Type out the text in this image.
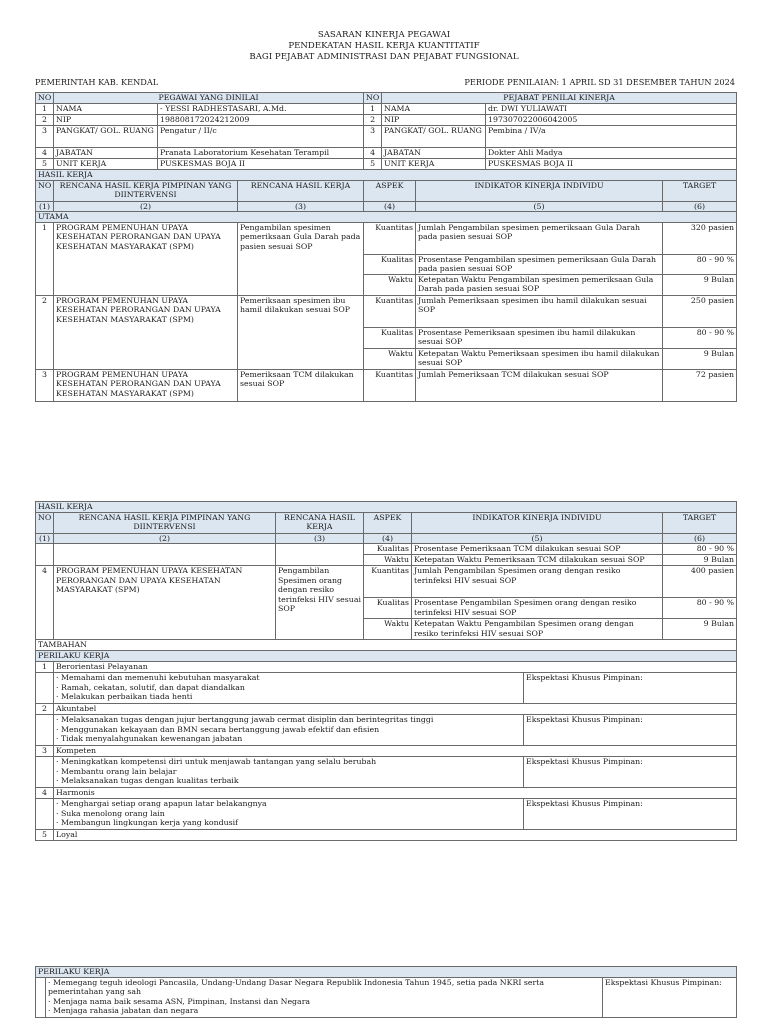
SASARAN KINERJA PEGAWAI
PENDEKATAN HASIL KERJA KUANTITATIF
BAGI PEJABAT ADMINISTRASI DAN PEJABAT FUNGSIONAL
PEMERINTAH KAB. KENDAL	PERIODE PENILAIAN: 1 APRIL SD 31 DESEMBER TAHUN 2024
NO	PEGAWAI YANG DINILAI			NO	PEJABAT PENILAI KINERJA			
1	NAMA	- YESSI RADHESTASARI, A.Md.		1	NAMA		dr. DWI YULIAWATI	
2	NIP	198808172024212009		2	NIP		197307022006042005	
3	PANGKAT/ GOL. RUANG	Pengatur / II/c		3	PANGKAT/ GOL. RUANG		Pembina / IV/a	
4	JABATAN	Pranata Laboratorium Kesehatan Terampil		4	JABATAN		Dokter Ahli Madya	
5	UNIT KERJA	PUSKESMAS BOJA II		5	UNIT KERJA		PUSKESMAS BOJA II	
HASIL KERJA								
NO	RENCANA HASIL KERJA PIMPINAN YANG DIINTERVENSI		RENCANA HASIL KERJA	ASPEK		INDIKATOR KINERJA INDIVIDU		TARGET
(1)	(2)		(3)	(4)		(5)		(6)
UTAMA								
1	PROGRAM PEMENUHAN UPAYA KESEHATAN PERORANGAN DAN UPAYA KESEHATAN MASYARAKAT (SPM)		Pengambilan spesimen pemeriksaan Gula Darah pada pasien sesuai SOP	Kuantitas		Jumlah Pengambilan spesimen pemeriksaan Gula Darah pada pasien sesuai SOP		320 pasien
				Kualitas		Prosentase Pengambilan spesimen pemeriksaan Gula Darah pada pasien sesuai SOP		80 - 90 %
				Waktu		Ketepatan Waktu Pengambilan spesimen pemeriksaan Gula Darah pada pasien sesuai SOP		9 Bulan
2	PROGRAM PEMENUHAN UPAYA KESEHATAN PERORANGAN DAN UPAYA KESEHATAN MASYARAKAT (SPM)		Pemeriksaan spesimen ibu hamil dilakukan sesuai SOP	Kuantitas		Jumlah Pemeriksaan spesimen ibu hamil dilakukan sesuai SOP		250 pasien
				Kualitas		Prosentase Pemeriksaan spesimen ibu hamil dilakukan sesuai SOP		80 - 90 %
				Waktu		Ketepatan Waktu Pemeriksaan spesimen ibu hamil dilakukan sesuai SOP		9 Bulan
3	PROGRAM PEMENUHAN UPAYA KESEHATAN PERORANGAN DAN UPAYA KESEHATAN MASYARAKAT (SPM)		Pemeriksaan TCM dilakukan sesuai SOP	Kuantitas		Jumlah Pemeriksaan TCM dilakukan sesuai SOP		72 pasien
HASIL KERJA						
NO	RENCANA HASIL KERJA PIMPINAN YANG DIINTERVENSI	RENCANA HASIL KERJA	ASPEK	INDIKATOR KINERJA INDIVIDU		TARGET
(1)	(2)	(3)	(4)	(5)		(6)
			Kualitas	Prosentase Pemeriksaan TCM dilakukan sesuai SOP		80 - 90 %
			Waktu	Ketepatan Waktu Pemeriksaan TCM dilakukan sesuai SOP		9 Bulan
4	PROGRAM PEMENUHAN UPAYA KESEHATAN PERORANGAN DAN UPAYA KESEHATAN MASYARAKAT (SPM)	Pengambilan Spesimen orang dengan resiko terinfeksi HIV sesuai SOP	Kuantitas	Jumlah Pengambilan Spesimen orang dengan resiko terinfeksi HIV sesuai SOP		400 pasien
			Kualitas	Prosentase Pengambilan Spesimen orang dengan resiko terinfeksi HIV sesuai SOP		80 - 90 %
			Waktu	Ketepatan Waktu Pengambilan Spesimen orang dengan resiko terinfeksi HIV sesuai SOP		9 Bulan
TAMBAHAN						
PERILAKU KERJA						
1	Berorientasi Pelayanan					

	· Memahami dan memenuhi kebutuhan masyarakat
· Ramah, cekatan, solutif, dan dapat diandalkan
· Melakukan perbaikan tiada henti				Ekspektasi Khusus Pimpinan:	
2	Akuntabel					

	· Melaksanakan tugas dengan jujur bertanggung jawab cermat disiplin dan berintegritas tinggi
· Menggunakan kekayaan dan BMN secara bertanggung jawab efektif dan efisien
· Tidak menyalahgunakan kewenangan jabatan				Ekspektasi Khusus Pimpinan:	
3	Kompeten					

	· Meningkatkan kompetensi diri untuk menjawab tantangan yang selalu berubah
· Membantu orang lain belajar
· Melaksanakan tugas dengan kualitas terbaik				Ekspektasi Khusus Pimpinan:	
4	Harmonis					

	· Menghargai setiap orang apapun latar belakangnya
· Suka menolong orang lain
· Membangun lingkungan kerja yang kondusif				Ekspektasi Khusus Pimpinan:	
5	Loyal					
PERILAKU KERJA

· Memegang teguh ideologi Pancasila, Undang-Undang Dasar Negara Republik Indonesia Tahun 1945, setia pada NKRI serta pemerintahan yang sah
· Menjaga nama baik sesama ASN, Pimpinan, Instansi dan Negara
· Menjaga rahasia jabatan dan negara
	Ekspektasi Khusus Pimpinan:
